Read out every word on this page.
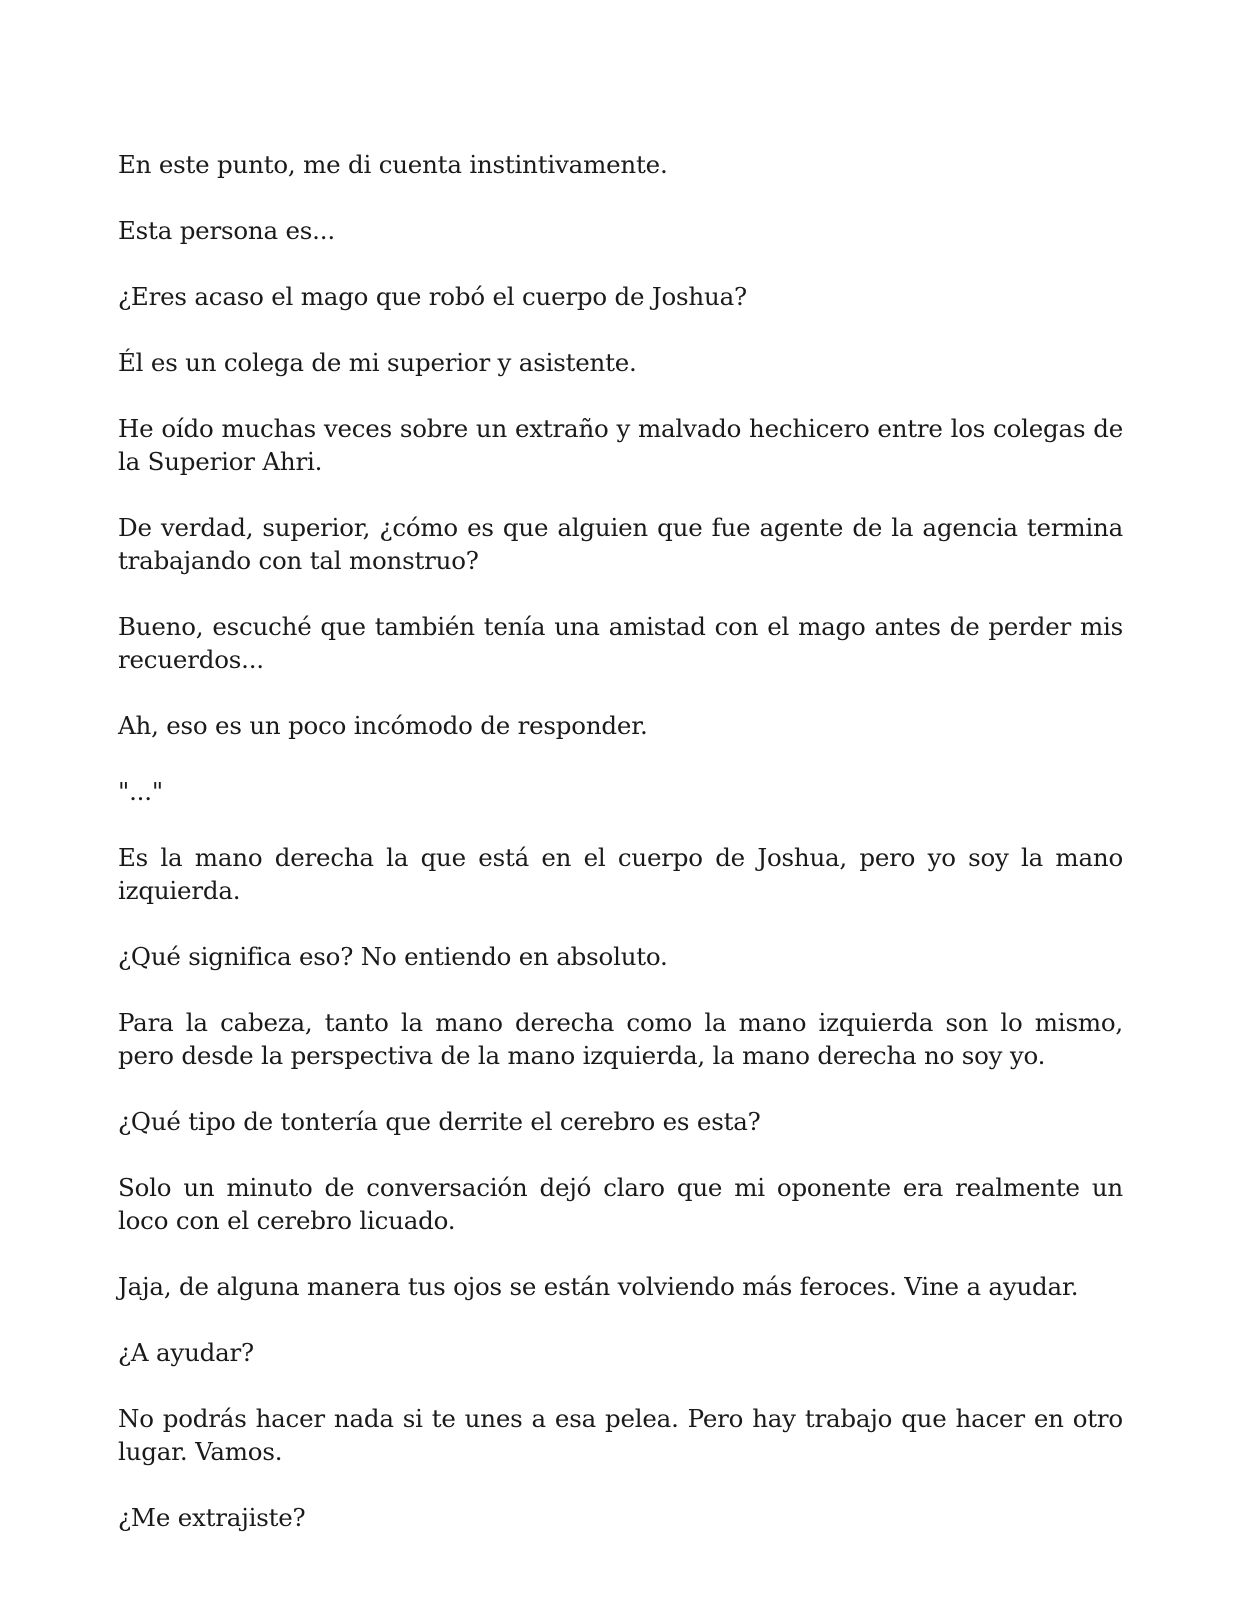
En este punto, me di cuenta instintivamente.

Esta persona es...

¿Eres acaso el mago que robó el cuerpo de Joshua?

Él es un colega de mi superior y asistente.

He oído muchas veces sobre un extraño y malvado hechicero entre los colegas de la Superior Ahri.

De verdad, superior, ¿cómo es que alguien que fue agente de la agencia termina trabajando con tal monstruo?

Bueno, escuché que también tenía una amistad con el mago antes de perder mis recuerdos...

Ah, eso es un poco incómodo de responder.

"..."

Es la mano derecha la que está en el cuerpo de Joshua, pero yo soy la mano izquierda.

¿Qué significa eso? No entiendo en absoluto.

Para la cabeza, tanto la mano derecha como la mano izquierda son lo mismo, pero desde la perspectiva de la mano izquierda, la mano derecha no soy yo.

¿Qué tipo de tontería que derrite el cerebro es esta?

Solo un minuto de conversación dejó claro que mi oponente era realmente un loco con el cerebro licuado.

Jaja, de alguna manera tus ojos se están volviendo más feroces. Vine a ayudar.

¿A ayudar?

No podrás hacer nada si te unes a esa pelea. Pero hay trabajo que hacer en otro lugar. Vamos.

¿Me extrajiste?
